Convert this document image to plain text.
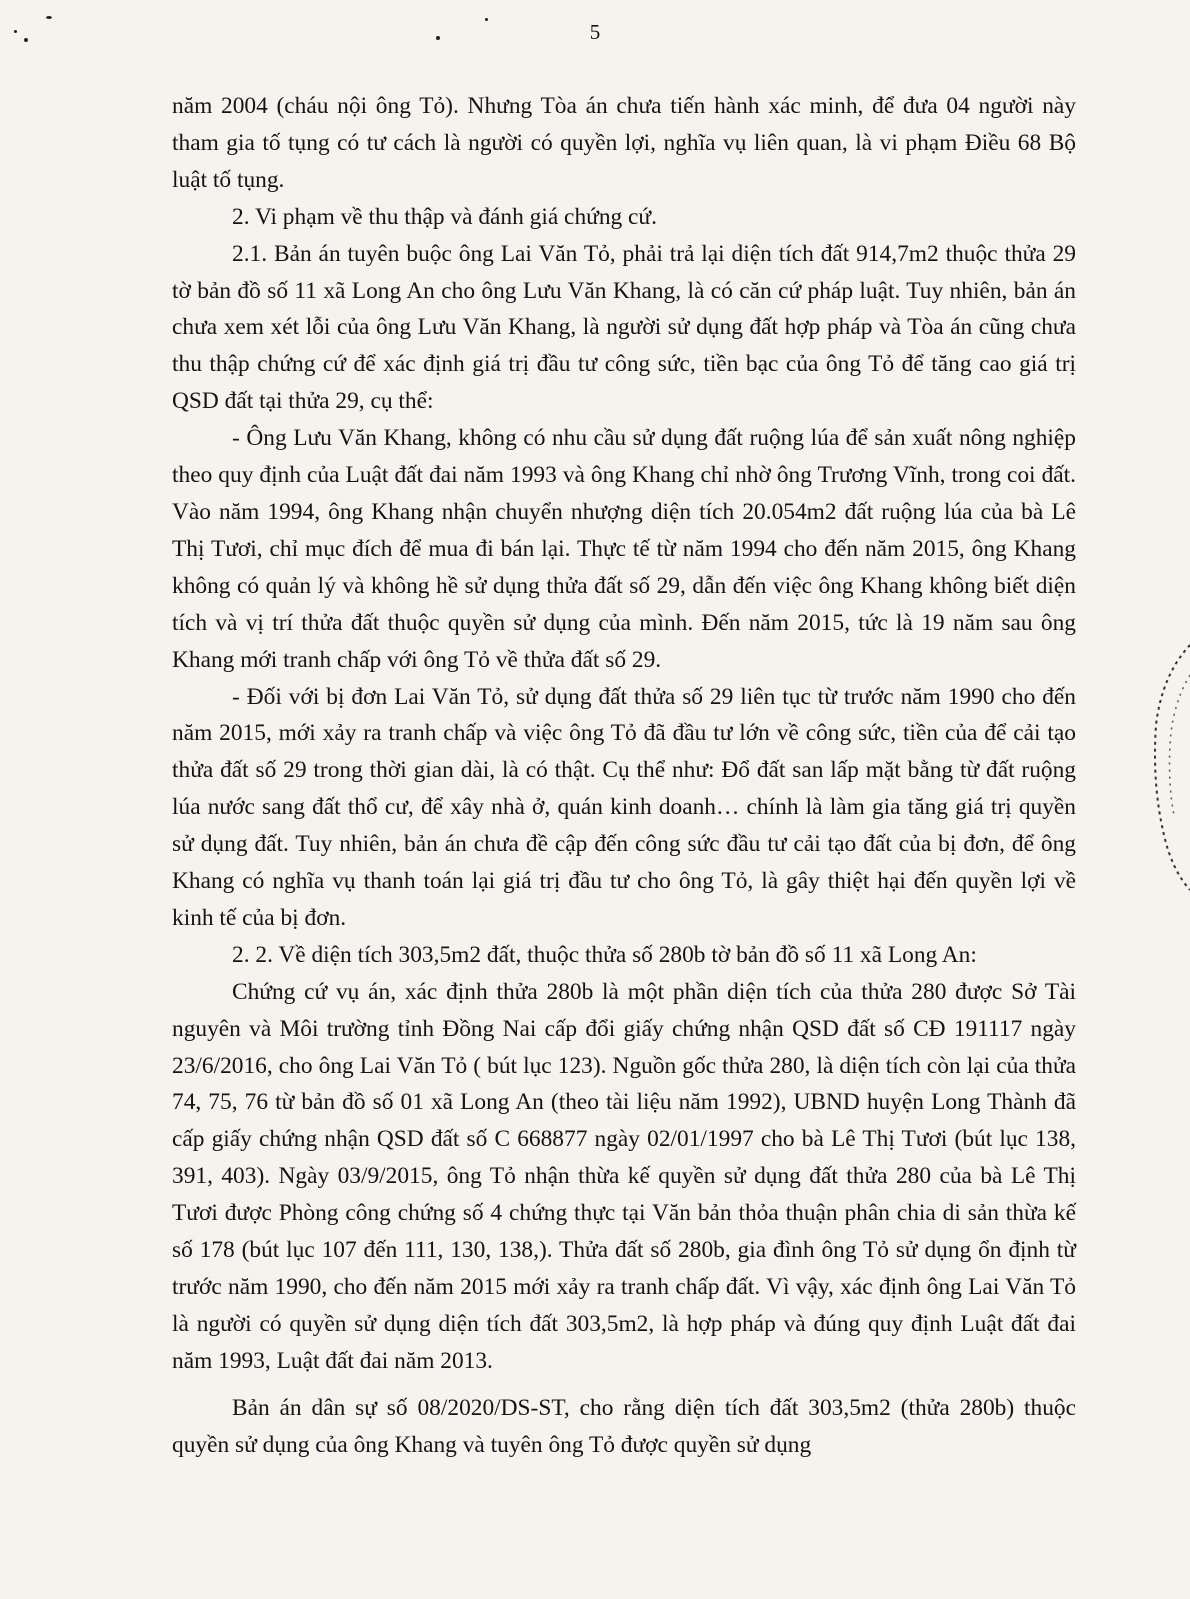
5

năm 2004 (cháu nội ông Tỏ). Nhưng Tòa án chưa tiến hành xác minh, để đưa 04 người này tham gia tố tụng có tư cách là người có quyền lợi, nghĩa vụ liên quan, là vi phạm Điều 68 Bộ luật tố tụng.

2. Vi phạm về thu thập và đánh giá chứng cứ.

2.1. Bản án tuyên buộc ông Lai Văn Tỏ, phải trả lại diện tích đất 914,7m2 thuộc thửa 29 tờ bản đồ số 11 xã Long An cho ông Lưu Văn Khang, là có căn cứ pháp luật. Tuy nhiên, bản án chưa xem xét lỗi của ông Lưu Văn Khang, là người sử dụng đất hợp pháp và Tòa án cũng chưa thu thập chứng cứ để xác định giá trị đầu tư công sức, tiền bạc của ông Tỏ để tăng cao giá trị QSD đất tại thửa 29, cụ thể:

- Ông Lưu Văn Khang, không có nhu cầu sử dụng đất ruộng lúa để sản xuất nông nghiệp theo quy định của Luật đất đai năm 1993 và ông Khang chỉ nhờ ông Trương Vĩnh, trong coi đất. Vào năm 1994, ông Khang nhận chuyển nhượng diện tích 20.054m2 đất ruộng lúa của bà Lê Thị Tươi, chỉ mục đích để mua đi bán lại. Thực tế từ năm 1994 cho đến năm 2015, ông Khang không có quản lý và không hề sử dụng thửa đất số 29, dẫn đến việc ông Khang không biết diện tích và vị trí thửa đất thuộc quyền sử dụng của mình. Đến năm 2015, tức là 19 năm sau ông Khang mới tranh chấp với ông Tỏ về thửa đất số 29.

- Đối với bị đơn Lai Văn Tỏ, sử dụng đất thửa số 29 liên tục từ trước năm 1990 cho đến năm 2015, mới xảy ra tranh chấp và việc ông Tỏ đã đầu tư lớn về công sức, tiền của để cải tạo thửa đất số 29 trong thời gian dài, là có thật. Cụ thể như: Đổ đất san lấp mặt bằng từ đất ruộng lúa nước sang đất thổ cư, để xây nhà ở, quán kinh doanh… chính là làm gia tăng giá trị quyền sử dụng đất. Tuy nhiên, bản án chưa đề cập đến công sức đầu tư cải tạo đất của bị đơn, để ông Khang có nghĩa vụ thanh toán lại giá trị đầu tư cho ông Tỏ, là gây thiệt hại đến quyền lợi về kinh tế của bị đơn.

2. 2. Về diện tích 303,5m2 đất, thuộc thửa số 280b tờ bản đồ số 11 xã Long An:

Chứng cứ vụ án, xác định thửa 280b là một phần diện tích của thửa 280 được Sở Tài nguyên và Môi trường tỉnh Đồng Nai cấp đổi giấy chứng nhận QSD đất số CĐ 191117 ngày 23/6/2016, cho ông Lai Văn Tỏ ( bút lục 123). Nguồn gốc thửa 280, là diện tích còn lại của thửa 74, 75, 76 từ bản đồ số 01 xã Long An (theo tài liệu năm 1992), UBND huyện Long Thành đã cấp giấy chứng nhận QSD đất số C 668877 ngày 02/01/1997 cho bà Lê Thị Tươi (bút lục 138, 391, 403). Ngày 03/9/2015, ông Tỏ nhận thừa kế quyền sử dụng đất thửa 280 của bà Lê Thị Tươi được Phòng công chứng số 4 chứng thực tại Văn bản thỏa thuận phân chia di sản thừa kế số 178 (bút lục 107 đến 111, 130, 138,). Thửa đất số 280b, gia đình ông Tỏ sử dụng ổn định từ trước năm 1990, cho đến năm 2015 mới xảy ra tranh chấp đất. Vì vậy, xác định ông Lai Văn Tỏ là người có quyền sử dụng diện tích đất 303,5m2, là hợp pháp và đúng quy định Luật đất đai năm 1993, Luật đất đai năm 2013.

Bản án dân sự số 08/2020/DS-ST, cho rằng diện tích đất 303,5m2 (thửa 280b) thuộc quyền sử dụng của ông Khang và tuyên ông Tỏ được quyền sử dụng
